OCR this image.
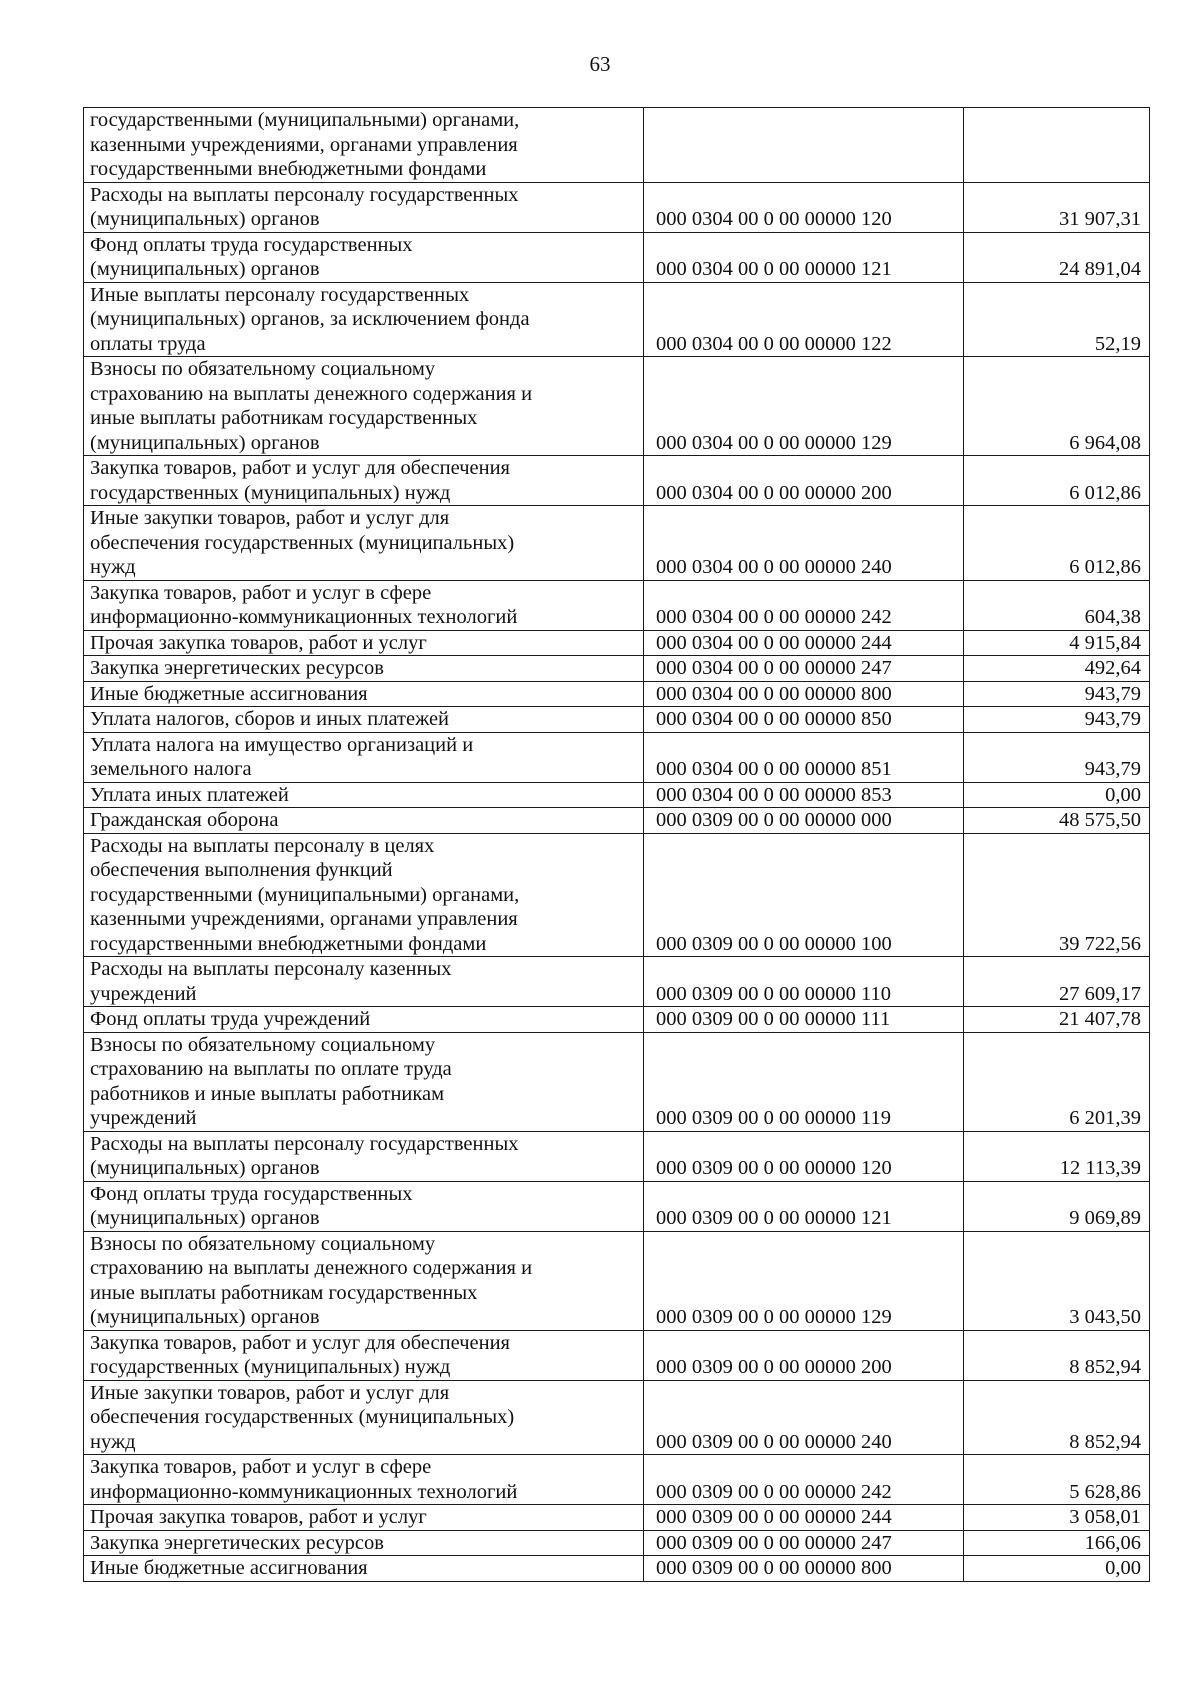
63
государственными (муниципальными) органами,
казенными учреждениями, органами управления
государственными внебюджетными фондами		

Расходы на выплаты персоналу государственных
(муниципальных) органов	000 0304 00 0 00 00000 120	31 907,31

Фонд оплаты труда государственных
(муниципальных) органов	000 0304 00 0 00 00000 121	24 891,04

Иные выплаты персоналу государственных
(муниципальных) органов, за исключением фонда
оплаты труда	000 0304 00 0 00 00000 122	52,19

Взносы по обязательному социальному
страхованию на выплаты денежного содержания и
иные выплаты работникам государственных
(муниципальных) органов	000 0304 00 0 00 00000 129	6 964,08

Закупка товаров, работ и услуг для обеспечения
государственных (муниципальных) нужд	000 0304 00 0 00 00000 200	6 012,86

Иные закупки товаров, работ и услуг для
обеспечения государственных (муниципальных)
нужд	000 0304 00 0 00 00000 240	6 012,86

Закупка товаров, работ и услуг в сфере
информационно-коммуникационных технологий	000 0304 00 0 00 00000 242	604,38

Прочая закупка товаров, работ и услуг	000 0304 00 0 00 00000 244	4 915,84

Закупка энергетических ресурсов	000 0304 00 0 00 00000 247	492,64

Иные бюджетные ассигнования	000 0304 00 0 00 00000 800	943,79

Уплата налогов, сборов и иных платежей	000 0304 00 0 00 00000 850	943,79

Уплата налога на имущество организаций и
земельного налога	000 0304 00 0 00 00000 851	943,79

Уплата иных платежей	000 0304 00 0 00 00000 853	0,00

Гражданская оборона	000 0309 00 0 00 00000 000	48 575,50

Расходы на выплаты персоналу в целях
обеспечения выполнения функций
государственными (муниципальными) органами,
казенными учреждениями, органами управления
государственными внебюджетными фондами	000 0309 00 0 00 00000 100	39 722,56

Расходы на выплаты персоналу казенных
учреждений	000 0309 00 0 00 00000 110	27 609,17

Фонд оплаты труда учреждений	000 0309 00 0 00 00000 111	21 407,78

Взносы по обязательному социальному
страхованию на выплаты по оплате труда
работников и иные выплаты работникам
учреждений	000 0309 00 0 00 00000 119	6 201,39

Расходы на выплаты персоналу государственных
(муниципальных) органов	000 0309 00 0 00 00000 120	12 113,39

Фонд оплаты труда государственных
(муниципальных) органов	000 0309 00 0 00 00000 121	9 069,89

Взносы по обязательному социальному
страхованию на выплаты денежного содержания и
иные выплаты работникам государственных
(муниципальных) органов	000 0309 00 0 00 00000 129	3 043,50

Закупка товаров, работ и услуг для обеспечения
государственных (муниципальных) нужд	000 0309 00 0 00 00000 200	8 852,94

Иные закупки товаров, работ и услуг для
обеспечения государственных (муниципальных)
нужд	000 0309 00 0 00 00000 240	8 852,94

Закупка товаров, работ и услуг в сфере
информационно-коммуникационных технологий	000 0309 00 0 00 00000 242	5 628,86

Прочая закупка товаров, работ и услуг	000 0309 00 0 00 00000 244	3 058,01

Закупка энергетических ресурсов	000 0309 00 0 00 00000 247	166,06

Иные бюджетные ассигнования	000 0309 00 0 00 00000 800	0,00
